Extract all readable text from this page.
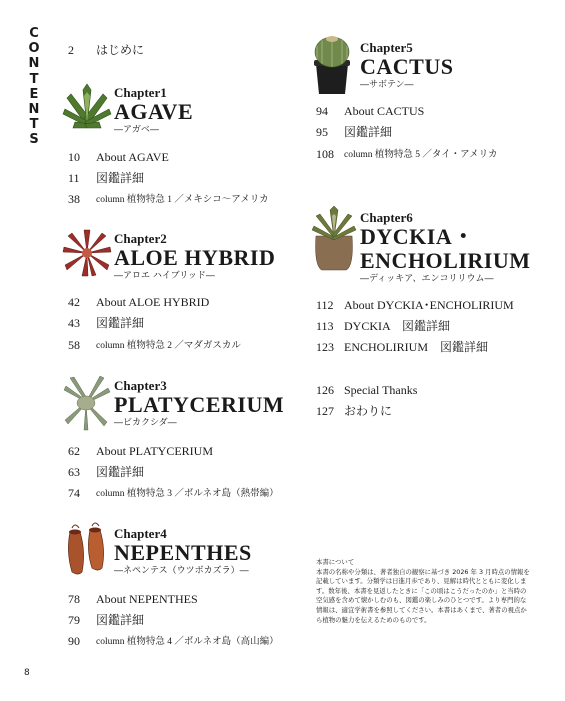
C
O
N
T
E
N
T
S
2 はじめに
Chapter1
AGAVE
―アガベ―
10 About AGAVE
11 図鑑詳細
38 column 植物特急 1 ／メキシコ〜アメリカ
Chapter2
ALOE HYBRID
―アロエ ハイブリッド―
42 About ALOE HYBRID
43 図鑑詳細
58 column 植物特急 2 ／マダガスカル
Chapter3
PLATYCERIUM
―ビカクシダ―
62 About PLATYCERIUM
63 図鑑詳細
74 column 植物特急 3 ／ボルネオ島（熱帯編）
Chapter4
NEPENTHES
―ネペンテス（ウツボカズラ）―
78 About NEPENTHES
79 図鑑詳細
90 column 植物特急 4 ／ボルネオ島（高山編）
Chapter5
CACTUS
―サボテン―
94 About CACTUS
95 図鑑詳細
108 column 植物特急 5 ／タイ・アメリカ
Chapter6
DYCKIA・
ENCHOLIRIUM
―ディッキア、エンコリリウム―
112 About DYCKIA･ENCHOLIRIUM
113 DYCKIA　図鑑詳細
123 ENCHOLIRIUM　図鑑詳細
126 Special Thanks
127 おわりに
本書について
本書の名称や分類は、著者独自の観察に基づき 2026 年 3 月時点の情報を記載しています。分類学は日進月歩であり、見解は時代とともに変化します。数年後、本書を見返したときに「この頃はこうだったのか」と当時の空気感を含めて懐かしむのも、図鑑の楽しみのひとつです。より専門的な情報は、適宜学術書を参照してください。本書はあくまで、著者の視点から植物の魅力を伝えるためのものです。
8
